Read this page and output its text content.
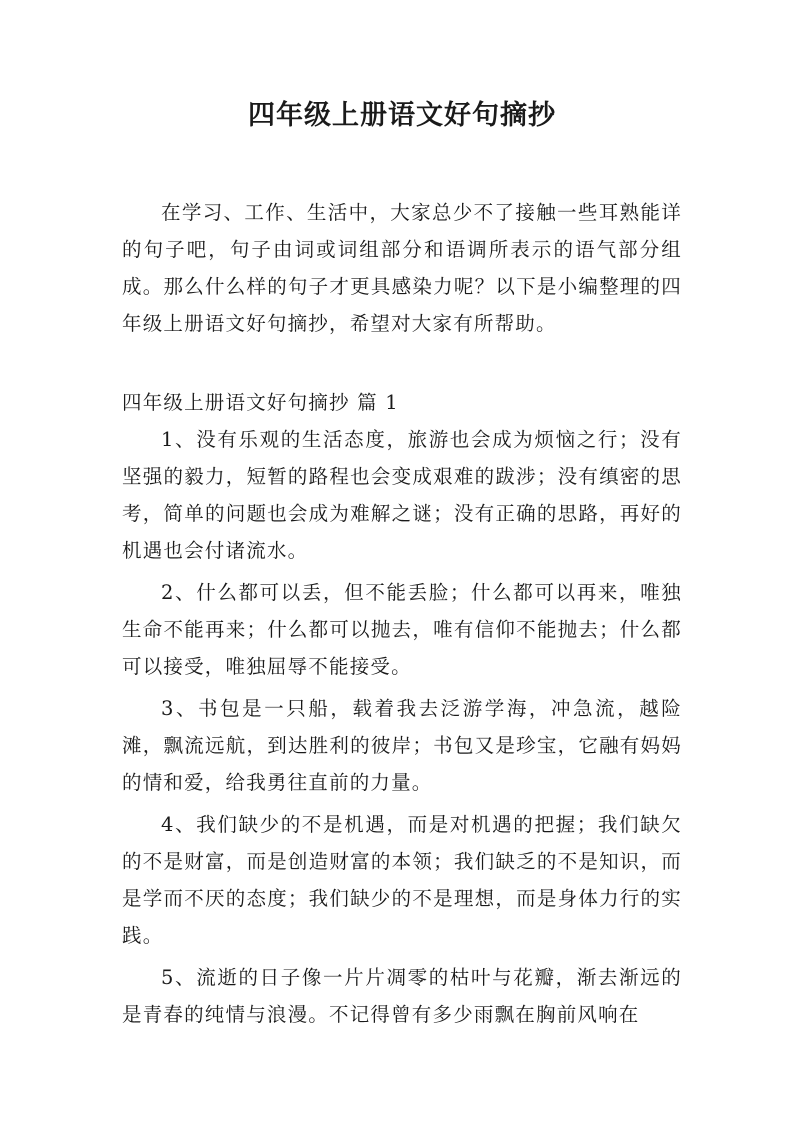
四年级上册语文好句摘抄

在学习、工作、生活中，大家总少不了接触一些耳熟能详的句子吧，句子由词或词组部分和语调所表示的语气部分组成。那么什么样的句子才更具感染力呢？以下是小编整理的四年级上册语文好句摘抄，希望对大家有所帮助。

四年级上册语文好句摘抄 篇 1

1、没有乐观的生活态度，旅游也会成为烦恼之行；没有坚强的毅力，短暂的路程也会变成艰难的跋涉；没有缜密的思考，简单的问题也会成为难解之谜；没有正确的思路，再好的机遇也会付诸流水。

2、什么都可以丢，但不能丢脸；什么都可以再来，唯独生命不能再来；什么都可以抛去，唯有信仰不能抛去；什么都可以接受，唯独屈辱不能接受。

3、书包是一只船，载着我去泛游学海，冲急流，越险滩，飘流远航，到达胜利的彼岸；书包又是珍宝，它融有妈妈的情和爱，给我勇往直前的力量。

4、我们缺少的不是机遇，而是对机遇的把握；我们缺欠的不是财富，而是创造财富的本领；我们缺乏的不是知识，而是学而不厌的态度；我们缺少的不是理想，而是身体力行的实践。

5、流逝的日子像一片片凋零的枯叶与花瓣，渐去渐远的是青春的纯情与浪漫。不记得曾有多少雨飘在胸前风响在
